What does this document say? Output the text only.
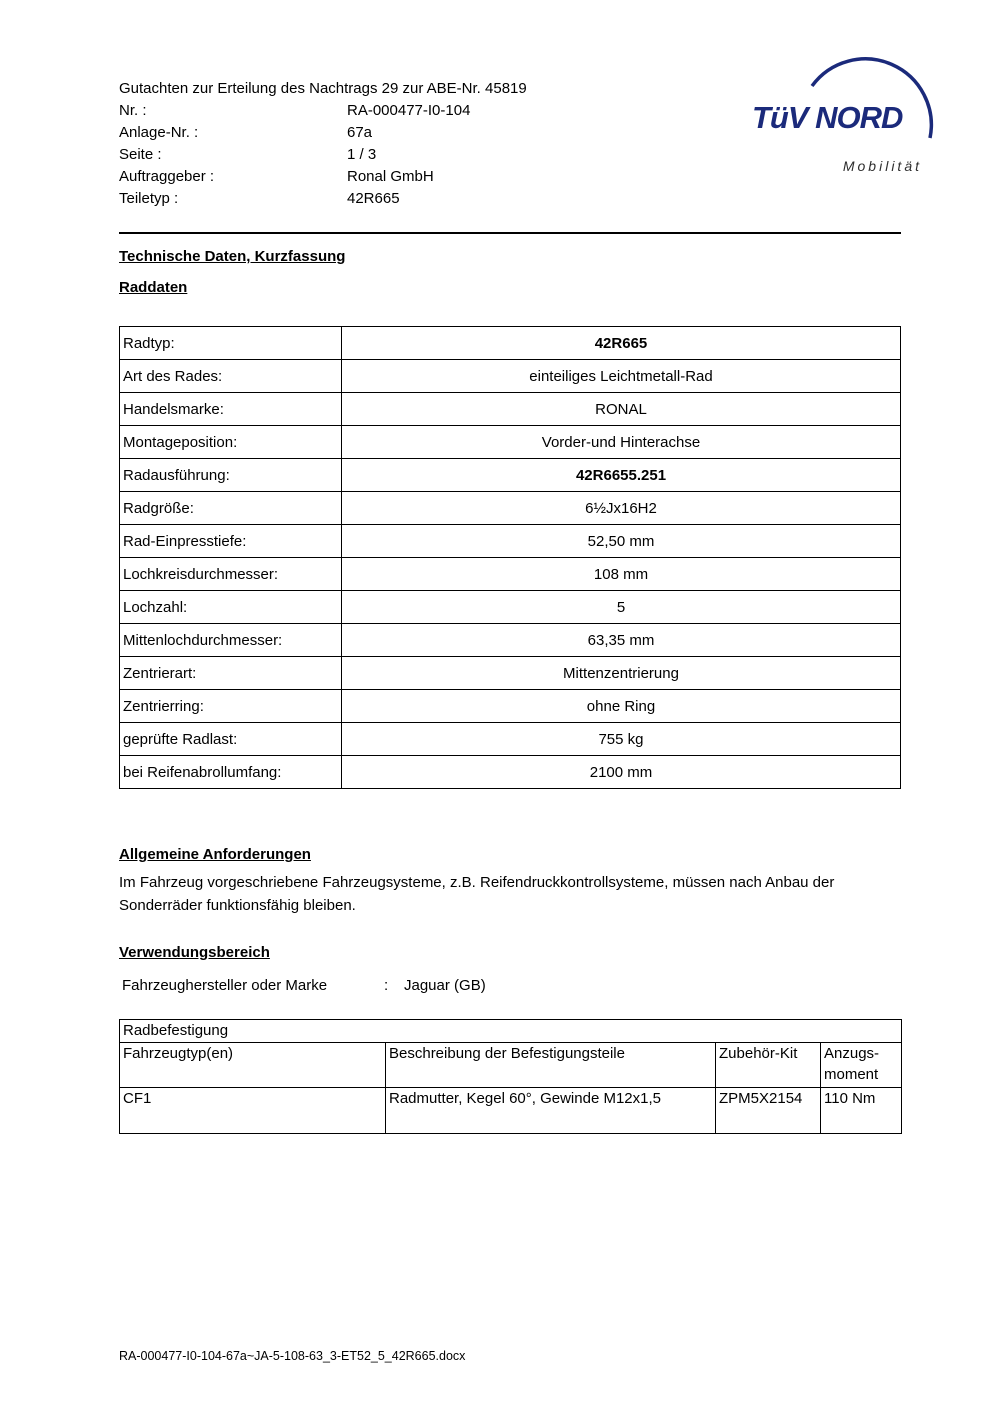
TüV NORD
Mobilität
Gutachten zur Erteilung des Nachtrags 29 zur ABE-Nr. 45819
Nr. :	RA-000477-I0-104
Anlage-Nr. :	67a
Seite :	1 / 3
Auftraggeber :	Ronal GmbH
Teiletyp :	42R665
Technische Daten, Kurzfassung
Raddaten
Radtyp:	42R665
Art des Rades:	einteiliges Leichtmetall-Rad
Handelsmarke:	RONAL
Montageposition:	Vorder-und Hinterachse
Radausführung:	42R6655.251
Radgröße:	6½Jx16H2
Rad-Einpresstiefe:	52,50 mm
Lochkreisdurchmesser:	108 mm
Lochzahl:	5
Mittenlochdurchmesser:	63,35 mm
Zentrierart:	Mittenzentrierung
Zentrierring:	ohne Ring
geprüfte Radlast:	755 kg
bei Reifenabrollumfang:	2100 mm
Allgemeine Anforderungen

Im Fahrzeug vorgeschriebene Fahrzeugsysteme, z.B. Reifendruckkontrollsysteme, müssen nach Anbau der Sonderräder funktionsfähig bleiben.

Verwendungsbereich
Fahrzeughersteller oder Marke	:	Jaguar (GB)
Radbefestigung			
Fahrzeugtyp(en)	Beschreibung der Befestigungsteile	Zubehör-Kit	Anzugs-moment
CF1	Radmutter, Kegel 60°, Gewinde M12x1,5	ZPM5X2154	110 Nm
RA-000477-I0-104-67a~JA-5-108-63_3-ET52_5_42R665.docx
